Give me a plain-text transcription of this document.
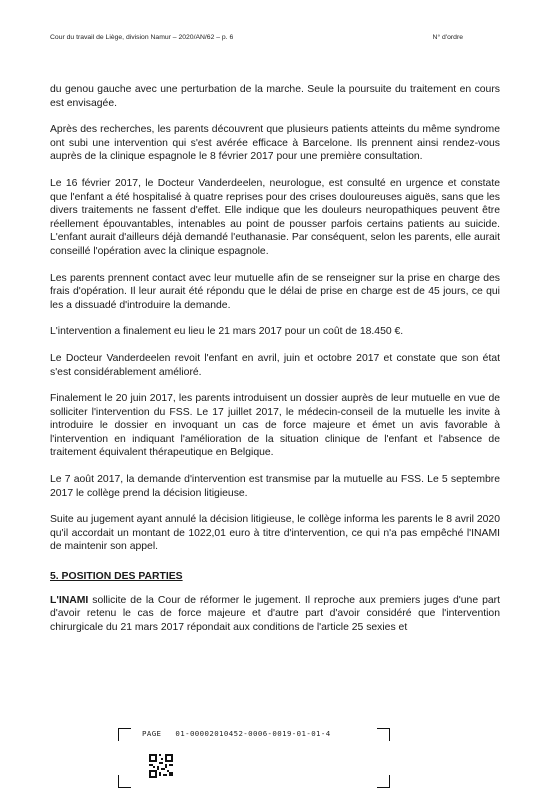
Cour du travail de Liège, division Namur – 2020/AN/62 – p. 6	N° d'ordre

du genou gauche avec une perturbation de la marche. Seule la poursuite du traitement en cours est envisagée.

Après des recherches, les parents découvrent que plusieurs patients atteints du même syndrome ont subi une intervention qui s'est avérée efficace à Barcelone. Ils prennent ainsi rendez-vous auprès de la clinique espagnole le 8 février 2017 pour une première consultation.

Le 16 février 2017, le Docteur Vanderdeelen, neurologue, est consulté en urgence et constate que l'enfant a été hospitalisé à quatre reprises pour des crises douloureuses aiguës, sans que les divers traitements ne fassent d'effet. Elle indique que les douleurs neuropathiques peuvent être réellement épouvantables, intenables au point de pousser parfois certains patients au suicide. L'enfant aurait d'ailleurs déjà demandé l'euthanasie. Par conséquent, selon les parents, elle aurait conseillé l'opération avec la clinique espagnole.

Les parents prennent contact avec leur mutuelle afin de se renseigner sur la prise en charge des frais d'opération. Il leur aurait été répondu que le délai de prise en charge est de 45 jours, ce qui les a dissuadé d'introduire la demande.

L'intervention a finalement eu lieu le 21 mars 2017 pour un coût de 18.450 €.

Le Docteur Vanderdeelen revoit l'enfant en avril, juin et octobre 2017 et constate que son état s'est considérablement amélioré.

Finalement le 20 juin 2017, les parents introduisent un dossier auprès de leur mutuelle en vue de solliciter l'intervention du FSS. Le 17 juillet 2017, le médecin-conseil de la mutuelle les invite à introduire le dossier en invoquant un cas de force majeure et émet un avis favorable à l'intervention en indiquant l'amélioration de la situation clinique de l'enfant et l'absence de traitement équivalent thérapeutique en Belgique.

Le 7 août 2017, la demande d'intervention est transmise par la mutuelle au FSS. Le 5 septembre 2017 le collège prend la décision litigieuse.

Suite au jugement ayant annulé la décision litigieuse, le collège informa les parents le 8 avril 2020 qu'il accordait un montant de 1022,01 euro à titre d'intervention, ce qui n'a pas empêché l'INAMI de maintenir son appel.

5. POSITION DES PARTIES

L'INAMI sollicite de la Cour de réformer le jugement. Il reproche aux premiers juges d'une part d'avoir retenu le cas de force majeure et d'autre part d'avoir considéré que l'intervention chirurgicale du 21 mars 2017 répondait aux conditions de l'article 25 sexies et

PAGE 01-00002010452-0006-0019-01-01-4
